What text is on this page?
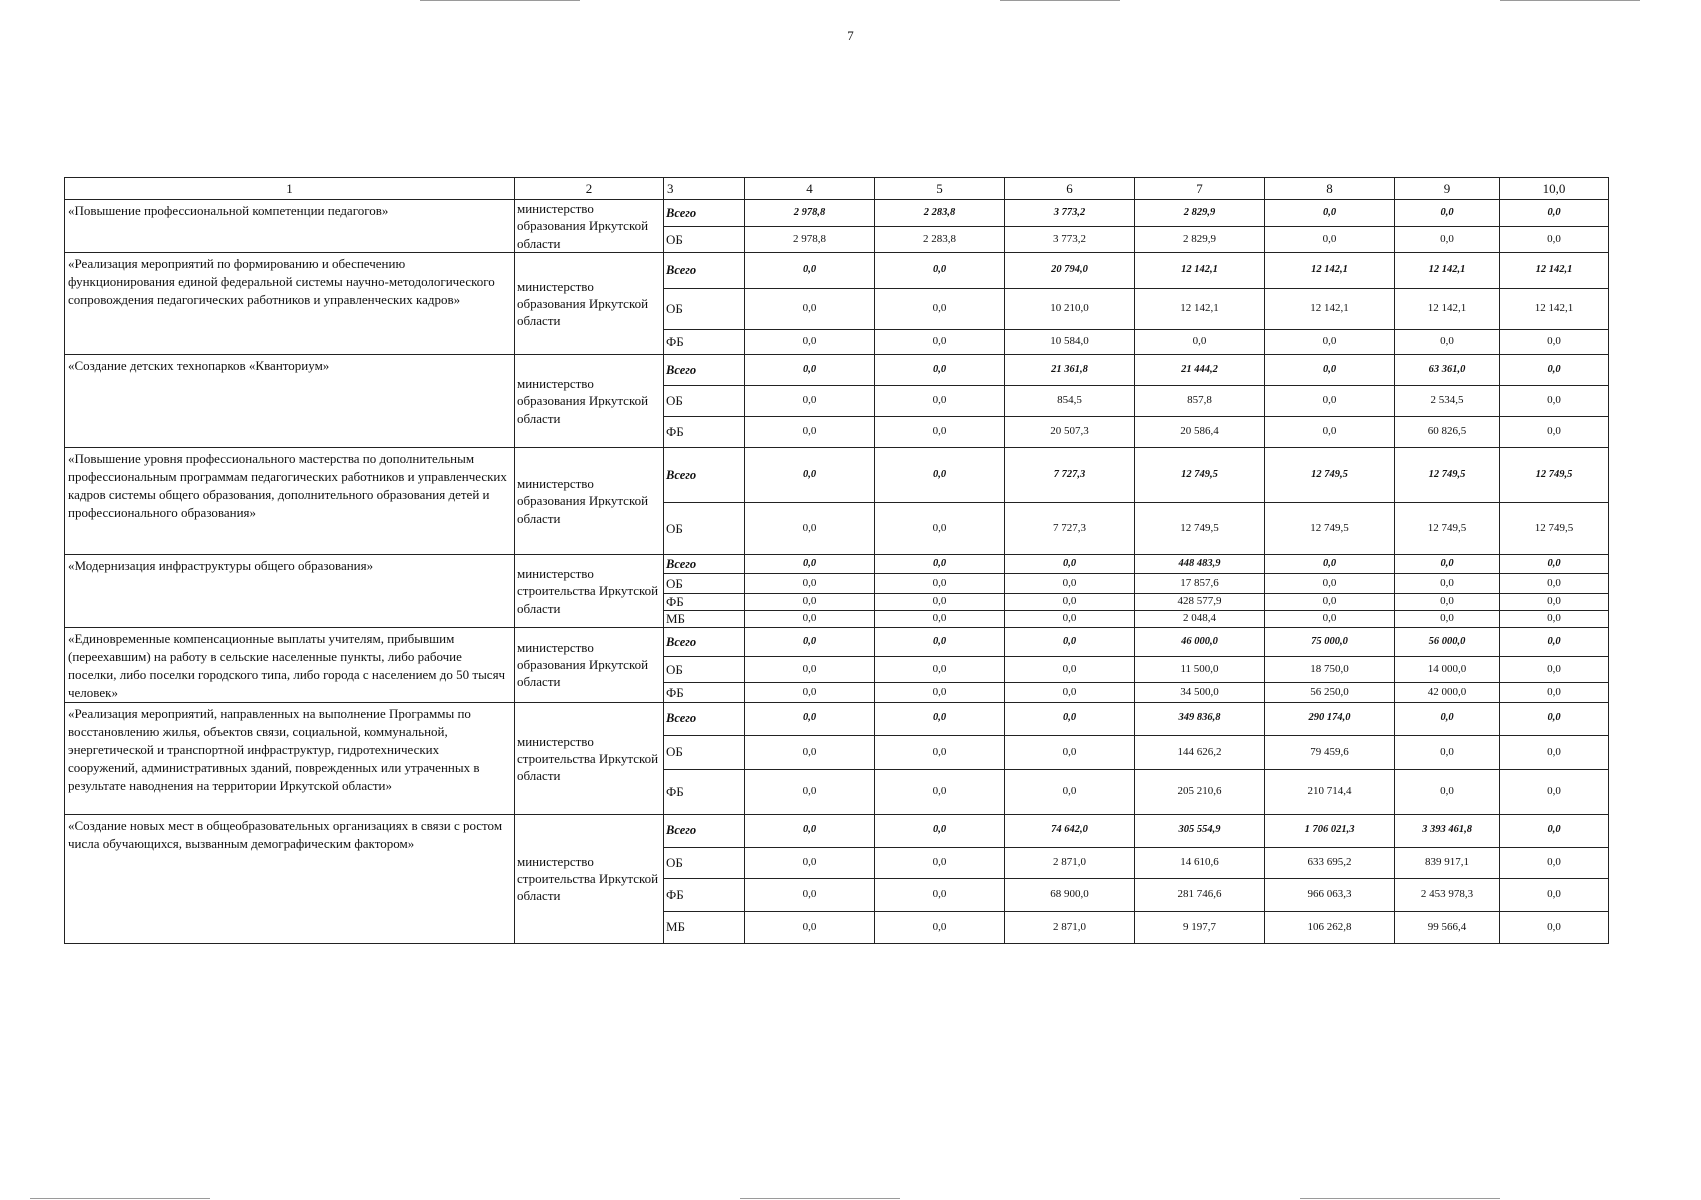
7
1	2	3	4	5	6	7	8	9	10,0
«Повышение профессиональной компетенции педагогов»	министерство образования Иркутской области	Всего	2 978,8	2 283,8	3 773,2	2 829,9	0,0	0,0	0,0
		ОБ	2 978,8	2 283,8	3 773,2	2 829,9	0,0	0,0	0,0
«Реализация мероприятий по формированию и обеспечению функционирования единой федеральной системы научно-методологического сопровождения педагогических работников и управленческих кадров»	министерство образования Иркутской области	Всего	0,0	0,0	20 794,0	12 142,1	12 142,1	12 142,1	12 142,1
		ОБ	0,0	0,0	10 210,0	12 142,1	12 142,1	12 142,1	12 142,1
		ФБ	0,0	0,0	10 584,0	0,0	0,0	0,0	0,0
«Создание детских технопарков «Кванториум»	министерство образования Иркутской области	Всего	0,0	0,0	21 361,8	21 444,2	0,0	63 361,0	0,0
		ОБ	0,0	0,0	854,5	857,8	0,0	2 534,5	0,0
		ФБ	0,0	0,0	20 507,3	20 586,4	0,0	60 826,5	0,0
«Повышение уровня профессионального мастерства по дополнительным профессиональным программам педагогических работников и управленческих кадров системы общего образования, дополнительного образования детей и профессионального образования»	министерство образования Иркутской области	Всего	0,0	0,0	7 727,3	12 749,5	12 749,5	12 749,5	12 749,5
		ОБ	0,0	0,0	7 727,3	12 749,5	12 749,5	12 749,5	12 749,5
«Модернизация инфраструктуры общего образования»	министерство строительства Иркутской области	Всего	0,0	0,0	0,0	448 483,9	0,0	0,0	0,0
		ОБ	0,0	0,0	0,0	17 857,6	0,0	0,0	0,0
		ФБ	0,0	0,0	0,0	428 577,9	0,0	0,0	0,0
		МБ	0,0	0,0	0,0	2 048,4	0,0	0,0	0,0
«Единовременные компенсационные выплаты учителям, прибывшим (переехавшим) на работу в сельские населенные пункты, либо рабочие поселки, либо поселки городского типа, либо города с населением до 50 тысяч человек»	министерство образования Иркутской области	Всего	0,0	0,0	0,0	46 000,0	75 000,0	56 000,0	0,0
		ОБ	0,0	0,0	0,0	11 500,0	18 750,0	14 000,0	0,0
		ФБ	0,0	0,0	0,0	34 500,0	56 250,0	42 000,0	0,0
«Реализация мероприятий, направленных на выполнение Программы по восстановлению жилья, объектов связи, социальной, коммунальной, энергетической и транспортной инфраструктур, гидротехнических сооружений, административных зданий, поврежденных или утраченных в результате наводнения на территории Иркутской области»	министерство строительства Иркутской области	Всего	0,0	0,0	0,0	349 836,8	290 174,0	0,0	0,0
		ОБ	0,0	0,0	0,0	144 626,2	79 459,6	0,0	0,0
		ФБ	0,0	0,0	0,0	205 210,6	210 714,4	0,0	0,0
«Создание новых мест в общеобразовательных организациях в связи с ростом числа обучающихся, вызванным демографическим фактором»	министерство строительства Иркутской области	Всего	0,0	0,0	74 642,0	305 554,9	1 706 021,3	3 393 461,8	0,0
		ОБ	0,0	0,0	2 871,0	14 610,6	633 695,2	839 917,1	0,0
		ФБ	0,0	0,0	68 900,0	281 746,6	966 063,3	2 453 978,3	0,0
		МБ	0,0	0,0	2 871,0	9 197,7	106 262,8	99 566,4	0,0
